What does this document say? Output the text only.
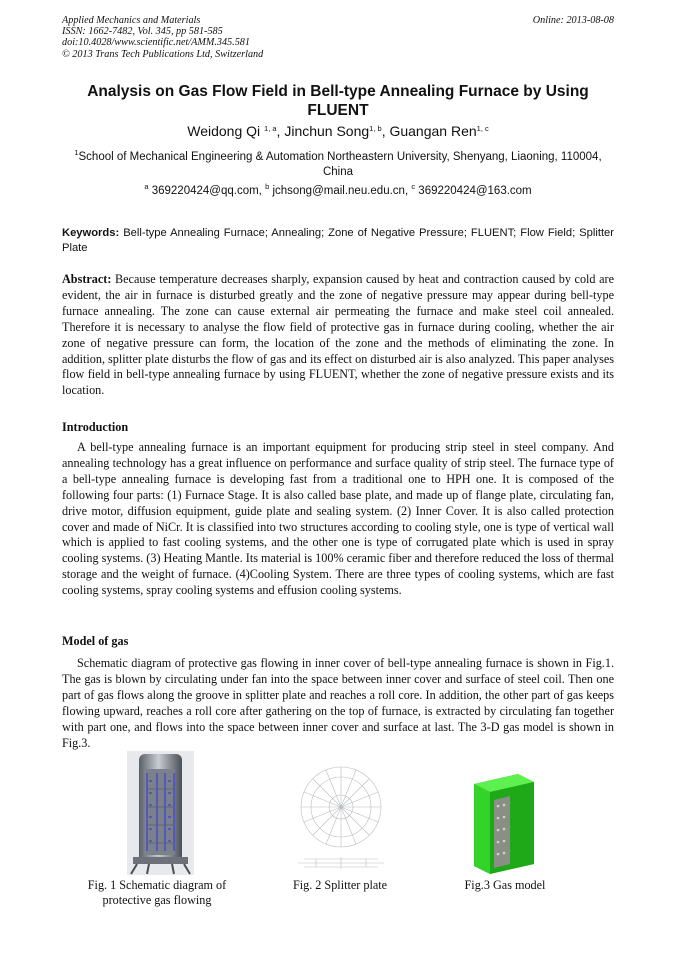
Applied Mechanics and Materials
ISSN: 1662-7482, Vol. 345, pp 581-585
doi:10.4028/www.scientific.net/AMM.345.581
© 2013 Trans Tech Publications Ltd, Switzerland
Online: 2013-08-08
Analysis on Gas Flow Field in Bell-type Annealing Furnace by Using FLUENT
Weidong Qi $^{1, a}$, Jinchun Song$^{1, b}$, Guangan Ren$^{1, c}$
$^1$School of Mechanical Engineering & Automation Northeastern University, Shenyang, Liaoning, 110004, China
$^a$ 369220424@qq.com, $^b$ jchsong@mail.neu.edu.cn, $^c$ 369220424@163.com
Keywords: Bell-type Annealing Furnace; Annealing; Zone of Negative Pressure; FLUENT; Flow Field; Splitter Plate
Abstract: Because temperature decreases sharply, expansion caused by heat and contraction caused by cold are evident, the air in furnace is disturbed greatly and the zone of negative pressure may appear during bell-type furnace annealing. The zone can cause external air permeating the furnace and make steel coil annealed. Therefore it is necessary to analyse the flow field of protective gas in furnace during cooling, whether the air zone of negative pressure can form, the location of the zone and the methods of eliminating the zone. In addition, splitter plate disturbs the flow of gas and its effect on disturbed air is also analyzed. This paper analyses flow field in bell-type annealing furnace by using FLUENT, whether the zone of negative pressure exists and its location.
Introduction
A bell-type annealing furnace is an important equipment for producing strip steel in steel company. And annealing technology has a great influence on performance and surface quality of strip steel. The furnace type of a bell-type annealing furnace is developing fast from a traditional one to HPH one. It is composed of the following four parts: (1) Furnace Stage. It is also called base plate, and made up of flange plate, circulating fan, drive motor, diffusion equipment, guide plate and sealing system. (2) Inner Cover. It is also called protection cover and made of NiCr. It is classified into two structures according to cooling style, one is type of vertical wall which is applied to fast cooling systems, and the other one is type of corrugated plate which is used in spray cooling systems. (3) Heating Mantle. Its material is 100% ceramic fiber and therefore reduced the loss of thermal storage and the weight of furnace. (4)Cooling System. There are three types of cooling systems, which are fast cooling systems, spray cooling systems and effusion cooling systems.
Model of gas
Schematic diagram of protective gas flowing in inner cover of bell-type annealing furnace is shown in Fig.1. The gas is blown by circulating under fan into the space between inner cover and surface of steel coil. Then one part of gas flows along the groove in splitter plate and reaches a roll core. In addition, the other part of gas keeps flowing upward, reaches a roll core after gathering on the top of furnace, is extracted by circulating fan together with part one, and flows into the space between inner cover and surface at last. The 3-D gas model is shown in Fig.3.
Fig. 1 Schematic diagram of protective gas flowing
Fig. 2 Splitter plate	Fig.3 Gas model
